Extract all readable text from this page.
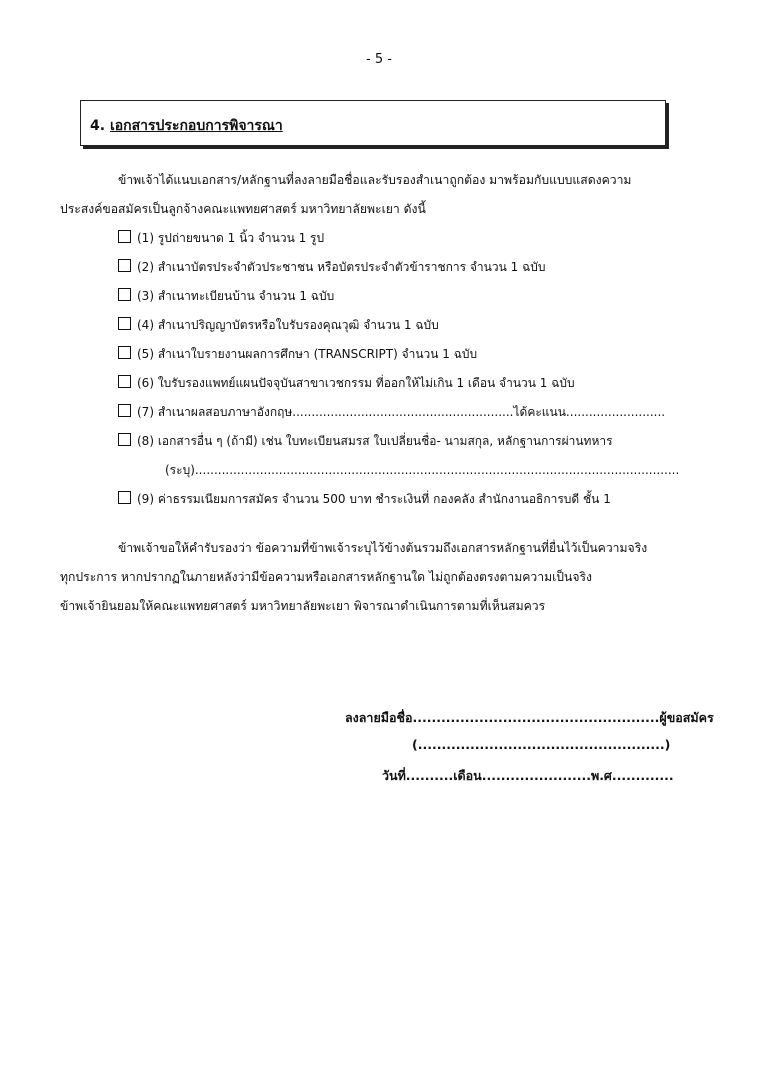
- 5 -
4. เอกสารประกอบการพิจารณา
ข้าพเจ้าได้แนบเอกสาร/หลักฐานที่ลงลายมือชื่อและรับรองสำเนาถูกต้อง มาพร้อมกับแบบแสดงความ
ประสงค์ขอสมัครเป็นลูกจ้างคณะแพทยศาสตร์ มหาวิทยาลัยพะเยา ดังนี้
(1) รูปถ่ายขนาด 1 นิ้ว จำนวน 1 รูป
(2) สำเนาบัตรประจำตัวประชาชน หรือบัตรประจำตัวข้าราชการ จำนวน 1 ฉบับ
(3) สำเนาทะเบียนบ้าน จำนวน 1 ฉบับ
(4) สำเนาปริญญาบัตรหรือใบรับรองคุณวุฒิ จำนวน 1 ฉบับ
(5) สำเนาใบรายงานผลการศึกษา (TRANSCRIPT) จำนวน 1 ฉบับ
(6) ใบรับรองแพทย์แผนปัจจุบันสาขาเวชกรรม ที่ออกให้ไม่เกิน 1 เดือน จำนวน 1 ฉบับ
(7) สำเนาผลสอบภาษาอังกฤษ..........................................................ได้คะแนน..........................
(8) เอกสารอื่น ๆ (ถ้ามี) เช่น ใบทะเบียนสมรส ใบเปลี่ยนชื่อ- นามสกุล, หลักฐานการผ่านทหาร
(ระบุ)...............................................................................................................................
(9) ค่าธรรมเนียมการสมัคร จำนวน 500 บาท ชำระเงินที่ กองคลัง สำนักงานอธิการบดี ชั้น 1
ข้าพเจ้าขอให้คำรับรองว่า ข้อความที่ข้าพเจ้าระบุไว้ข้างต้นรวมถึงเอกสารหลักฐานที่ยื่นไว้เป็นความจริง
ทุกประการ หากปรากฏในภายหลังว่ามีข้อความหรือเอกสารหลักฐานใด ไม่ถูกต้องตรงตามความเป็นจริง
ข้าพเจ้ายินยอมให้คณะแพทยศาสตร์ มหาวิทยาลัยพะเยา พิจารณาดำเนินการตามที่เห็นสมควร
ลงลายมือชื่อ....................................................ผู้ขอสมัคร
(....................................................)
วันที่..........เดือน.......................พ.ศ.............
